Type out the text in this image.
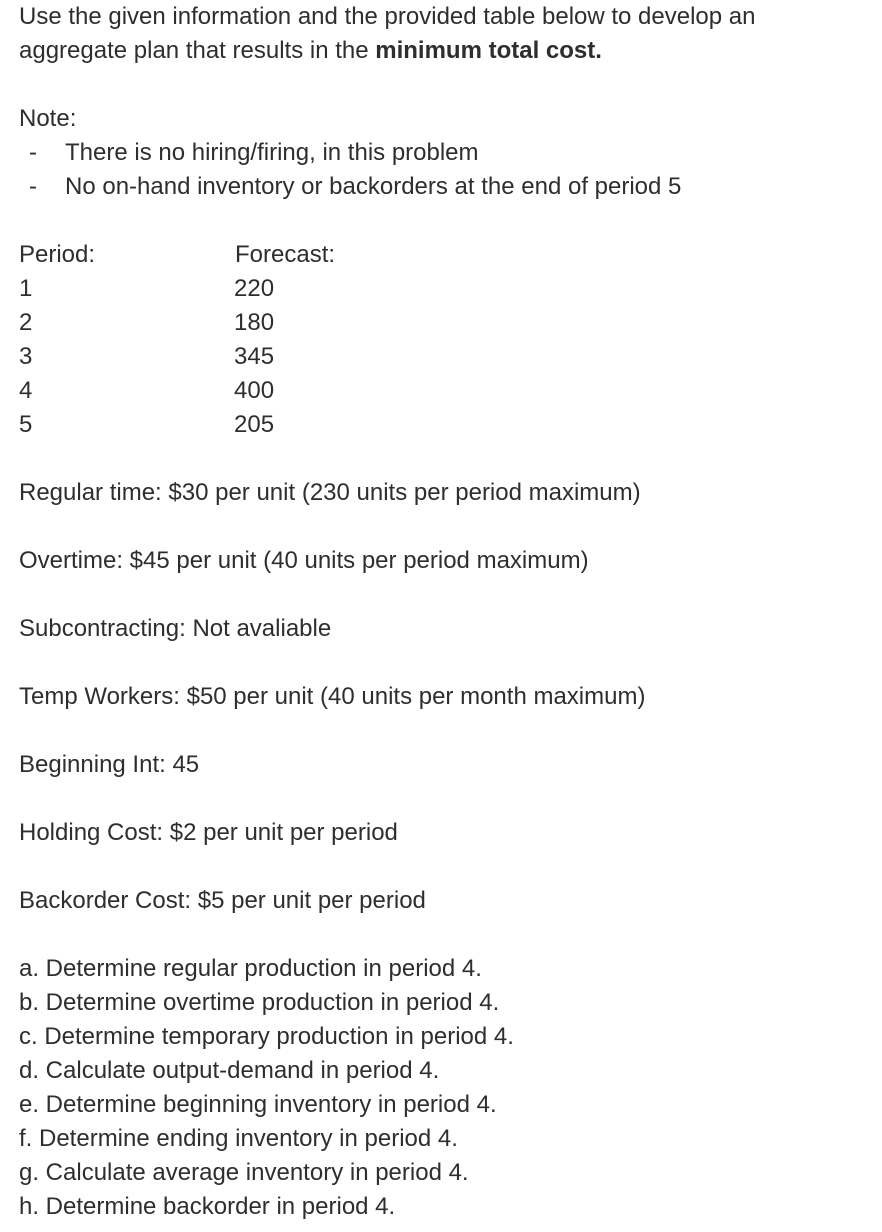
Use the given information and the provided table below to develop an
aggregate plan that results in the minimum total cost.
Note:
-	There is no hiring/firing, in this problem
-	No on-hand inventory or backorders at the end of period 5
Period:	Forecast:
1	220
2	180
3	345
4	400
5	205
Regular time: $30 per unit (230 units per period maximum)
Overtime: $45 per unit (40 units per period maximum)
Subcontracting: Not avaliable
Temp Workers: $50 per unit (40 units per month maximum)
Beginning Int: 45
Holding Cost: $2 per unit per period
Backorder Cost: $5 per unit per period
a. Determine regular production in period 4.
b. Determine overtime production in period 4.
c. Determine temporary production in period 4.
d. Calculate output-demand in period 4.
e. Determine beginning inventory in period 4.
f. Determine ending inventory in period 4.
g. Calculate average inventory in period 4.
h. Determine backorder in period 4.
